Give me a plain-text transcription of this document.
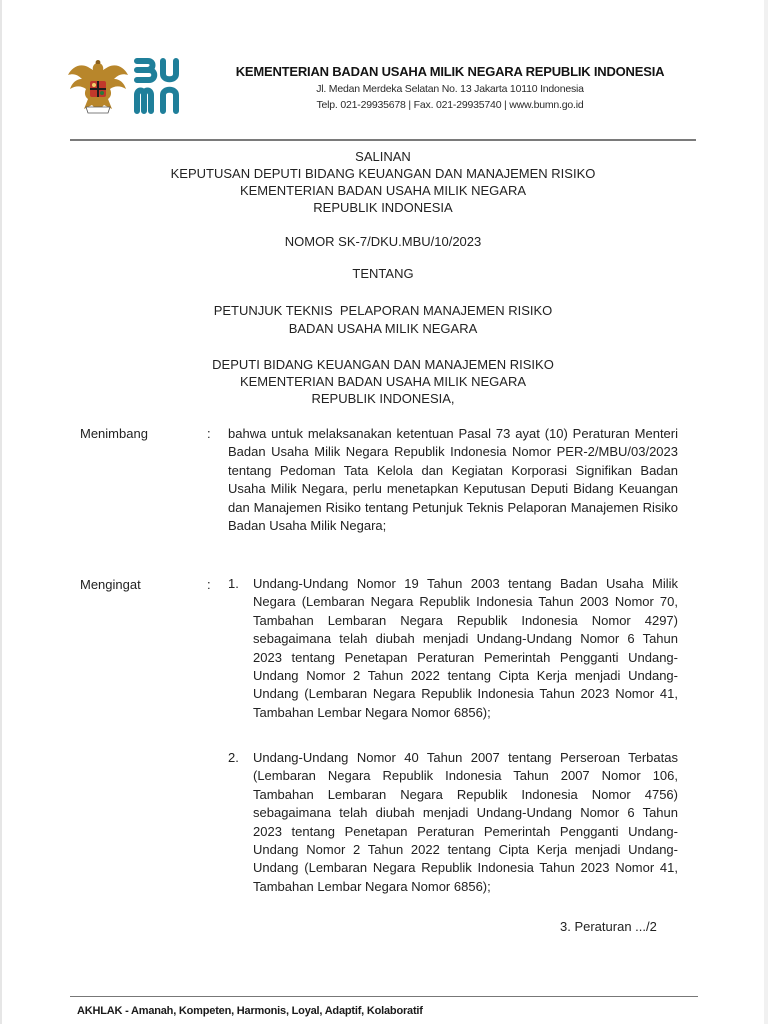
KEMENTERIAN BADAN USAHA MILIK NEGARA REPUBLIK INDONESIA
Jl. Medan Merdeka Selatan No. 13 Jakarta 10110 Indonesia
Telp. 021-29935678 | Fax. 021-29935740 | www.bumn.go.id
SALINAN
KEPUTUSAN DEPUTI BIDANG KEUANGAN DAN MANAJEMEN RISIKO
KEMENTERIAN BADAN USAHA MILIK NEGARA
REPUBLIK INDONESIA
NOMOR SK-7/DKU.MBU/10/2023
TENTANG
PETUNJUK TEKNIS  PELAPORAN MANAJEMEN RISIKO
BADAN USAHA MILIK NEGARA
DEPUTI BIDANG KEUANGAN DAN MANAJEMEN RISIKO
KEMENTERIAN BADAN USAHA MILIK NEGARA
REPUBLIK INDONESIA,
Menimbang	: bahwa untuk melaksanakan ketentuan Pasal 73 ayat (10) Peraturan Menteri Badan Usaha Milik Negara Republik Indonesia Nomor PER-2/MBU/03/2023 tentang Pedoman Tata Kelola dan Kegiatan Korporasi Signifikan Badan Usaha Milik Negara, perlu menetapkan Keputusan Deputi Bidang Keuangan dan Manajemen Risiko tentang Petunjuk Teknis Pelaporan Manajemen Risiko Badan Usaha Milik Negara;
Mengingat	: 1. Undang-Undang Nomor 19 Tahun 2003 tentang Badan Usaha Milik Negara (Lembaran Negara Republik Indonesia Tahun 2003 Nomor 70, Tambahan Lembaran Negara Republik Indonesia Nomor 4297) sebagaimana telah diubah menjadi Undang-Undang Nomor 6 Tahun 2023 tentang Penetapan Peraturan Pemerintah Pengganti Undang-Undang Nomor 2 Tahun 2022 tentang Cipta Kerja menjadi Undang-Undang (Lembaran Negara Republik Indonesia Tahun 2023 Nomor 41, Tambahan Lembar Negara Nomor 6856);
2. Undang-Undang Nomor 40 Tahun 2007 tentang Perseroan Terbatas (Lembaran Negara Republik Indonesia Tahun 2007 Nomor 106, Tambahan Lembaran Negara Republik Indonesia Nomor 4756) sebagaimana telah diubah menjadi Undang-Undang Nomor 6 Tahun 2023 tentang Penetapan Peraturan Pemerintah Pengganti Undang-Undang Nomor 2 Tahun 2022 tentang Cipta Kerja menjadi Undang-Undang (Lembaran Negara Republik Indonesia Tahun 2023 Nomor 41, Tambahan Lembar Negara Nomor 6856);
3. Peraturan .../2
AKHLAK - Amanah, Kompeten, Harmonis, Loyal, Adaptif, Kolaboratif
